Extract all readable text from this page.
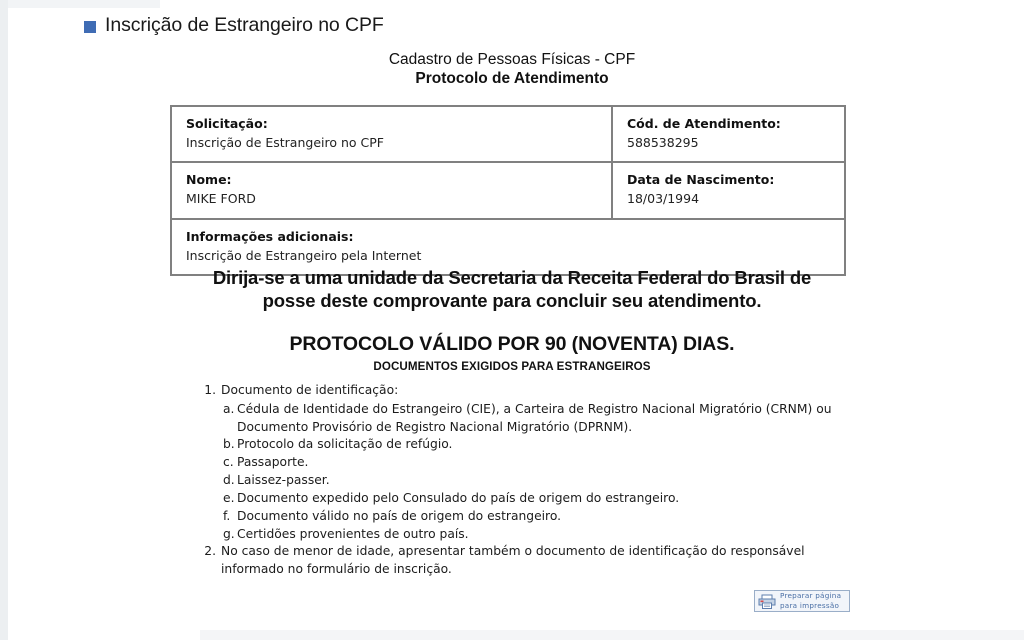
Inscrição de Estrangeiro no CPF
Cadastro de Pessoas Físicas - CPF
Protocolo de Atendimento
Solicitação:
Inscrição de Estrangeiro no CPF
Cód. de Atendimento:
588538295
Nome:
MIKE FORD
Data de Nascimento:
18/03/1994
Informações adicionais:
Inscrição de Estrangeiro pela Internet
Dirija-se a uma unidade da Secretaria da Receita Federal do Brasil de
posse deste comprovante para concluir seu atendimento.
PROTOCOLO VÁLIDO POR 90 (NOVENTA) DIAS.
DOCUMENTOS EXIGIDOS PARA ESTRANGEIROS
1. Documento de identificação:
a. Cédula de Identidade do Estrangeiro (CIE), a Carteira de Registro Nacional Migratório (CRNM) ou Documento Provisório de Registro Nacional Migratório (DPRNM).
b. Protocolo da solicitação de refúgio.
c. Passaporte.
d. Laissez-passer.
e. Documento expedido pelo Consulado do país de origem do estrangeiro.
f. Documento válido no país de origem do estrangeiro.
g. Certidões provenientes de outro país.
2. No caso de menor de idade, apresentar também o documento de identificação do responsável informado no formulário de inscrição.
Preparar página
para impressão
